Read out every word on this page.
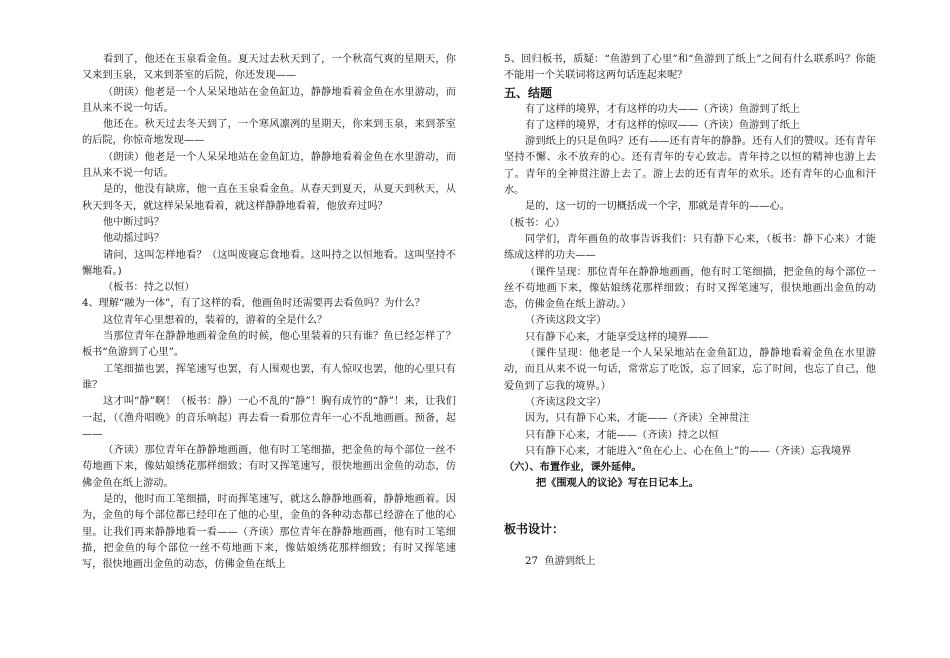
看到了，他还在玉泉看金鱼。夏天过去秋天到了，一个秋高气爽的星期天，你又来到玉泉，又来到茶室的后院，你还发现——

（朗读）他老是一个人呆呆地站在金鱼缸边，静静地看着金鱼在水里游动，而且从来不说一句话。

他还在。秋天过去冬天到了，一个寒风凛冽的星期天，你来到玉泉，来到茶室的后院，你惊奇地发现——

（朗读）他老是一个人呆呆地站在金鱼缸边，静静地看着金鱼在水里游动，而且从来不说一句话。

是的，他没有缺席，他一直在玉泉看金鱼。从春天到夏天，从夏天到秋天，从秋天到冬天，就这样呆呆地看着，就这样静静地看着，他放弃过吗？

他中断过吗？

他动摇过吗？

请问，这叫怎样地看？（这叫废寝忘食地看。这叫持之以恒地看。这叫坚持不懈地看。)

（板书：持之以恒）

4、理解“融为一体”，有了这样的看，他画鱼时还需要再去看鱼吗？为什么？

这位青年心里想着的，装着的，游着的全是什么？

当那位青年在静静地画着金鱼的时候，他心里装着的只有谁？鱼已经怎样了？板书“鱼游到了心里”。

工笔细描也罢，挥笔速写也罢，有人围观也罢，有人惊叹也罢，他的心里只有谁？

这才叫“静”啊！（板书：静）一心不乱的“静”！胸有成竹的“静”！来，让我们一起，（《渔舟唱晚》的音乐响起）再去看一看那位青年一心不乱地画画。预备，起——

（齐读）那位青年在静静地画画，他有时工笔细描，把金鱼的每个部位一丝不苟地画下来，像姑娘绣花那样细致；有时又挥笔速写，很快地画出金鱼的动态，仿佛金鱼在纸上游动。

是的，他时而工笔细描，时而挥笔速写，就这么静静地画着，静静地画着。因为，金鱼的每个部位都已经印在了他的心里，金鱼的各种动态都已经游在了他的心里。让我们再来静静地看一看——（齐读）那位青年在静静地画画，他有时工笔细描，把金鱼的每个部位一丝不苟地画下来，像姑娘绣花那样细致；有时又挥笔速写，很快地画出金鱼的动态，仿佛金鱼在纸上

5、回归板书，质疑：“鱼游到了心里”和“鱼游到了纸上”之间有什么联系吗？你能不能用一个关联词将这两句话连起来呢？

五、结题

有了这样的境界，才有这样的功夫——（齐读）鱼游到了纸上

有了这样的境界，才有这样的惊叹——（齐读）鱼游到了纸上

游到纸上的只是鱼吗？还有——还有青年的静静。还有人们的赞叹。还有青年坚持不懈、永不放弃的心。还有青年的专心致志。青年持之以恒的精神也游上去了。青年的全神贯注游上去了。游上去的还有青年的欢乐。还有青年的心血和汗水。

是的，这一切的一切概括成一个字，那就是青年的——心。

（板书：心）

同学们，青年画鱼的故事告诉我们：只有静下心来，（板书：静下心来）才能练成这样的功夫——

（课件呈现：那位青年在静静地画画，他有时工笔细描，把金鱼的每个部位一丝不苟地画下来，像姑娘绣花那样细致；有时又挥笔速写，很快地画出金鱼的动态，仿佛金鱼在纸上游动。）

（齐读这段文字）

只有静下心来，才能享受这样的境界——

（课件呈现：他老是一个人呆呆地站在金鱼缸边，静静地看着金鱼在水里游动，而且从来不说一句话，常常忘了吃饭，忘了回家，忘了时间，也忘了自己，他爱鱼到了忘我的境界。）

（齐读这段文字）

因为，只有静下心来，才能——（齐读）全神贯注

只有静下心来，才能——（齐读）持之以恒

只有静下心来，才能进入“鱼在心上、心在鱼上”的——（齐读）忘我境界

（六）、布置作业，课外延伸。

把《围观人的议论》写在日记本上。

板书设计：

27  鱼游到纸上
